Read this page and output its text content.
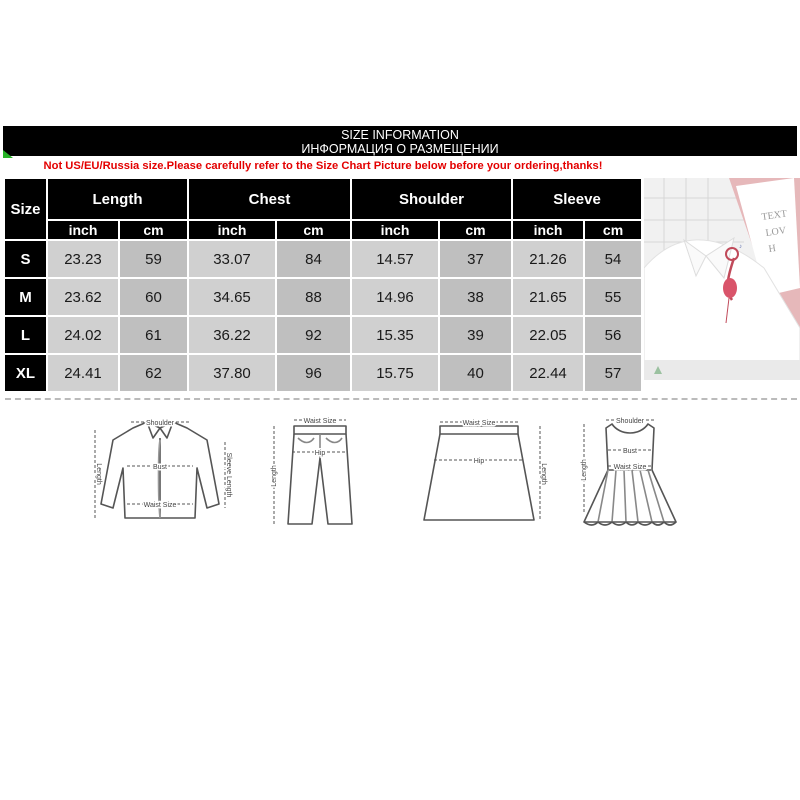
SIZE INFORMATION
ИНФОРМАЦИЯ О РАЗМЕЩЕНИИ
Not US/EU/Russia size.Please carefully refer to the Size Chart Picture below before your ordering,thanks!
Size	Length		Chest		Shoulder		Sleeve	
	inch	cm	inch	cm	inch	cm	inch	cm
S	23.23	59	33.07	84	14.57	37	21.26	54
M	23.62	60	34.65	88	14.96	38	21.65	55
L	24.02	61	36.22	92	15.35	39	22.05	56
XL	24.41	62	37.80	96	15.75	40	22.44	57
TEXT
LOV
H
♪
Shoulder
Bust
Waist Size
Length	Sleeve Length
Waist Size
Hip
Length
Waist Size
Hip
Length
Shoulder
Bust
Waist Size
Length
